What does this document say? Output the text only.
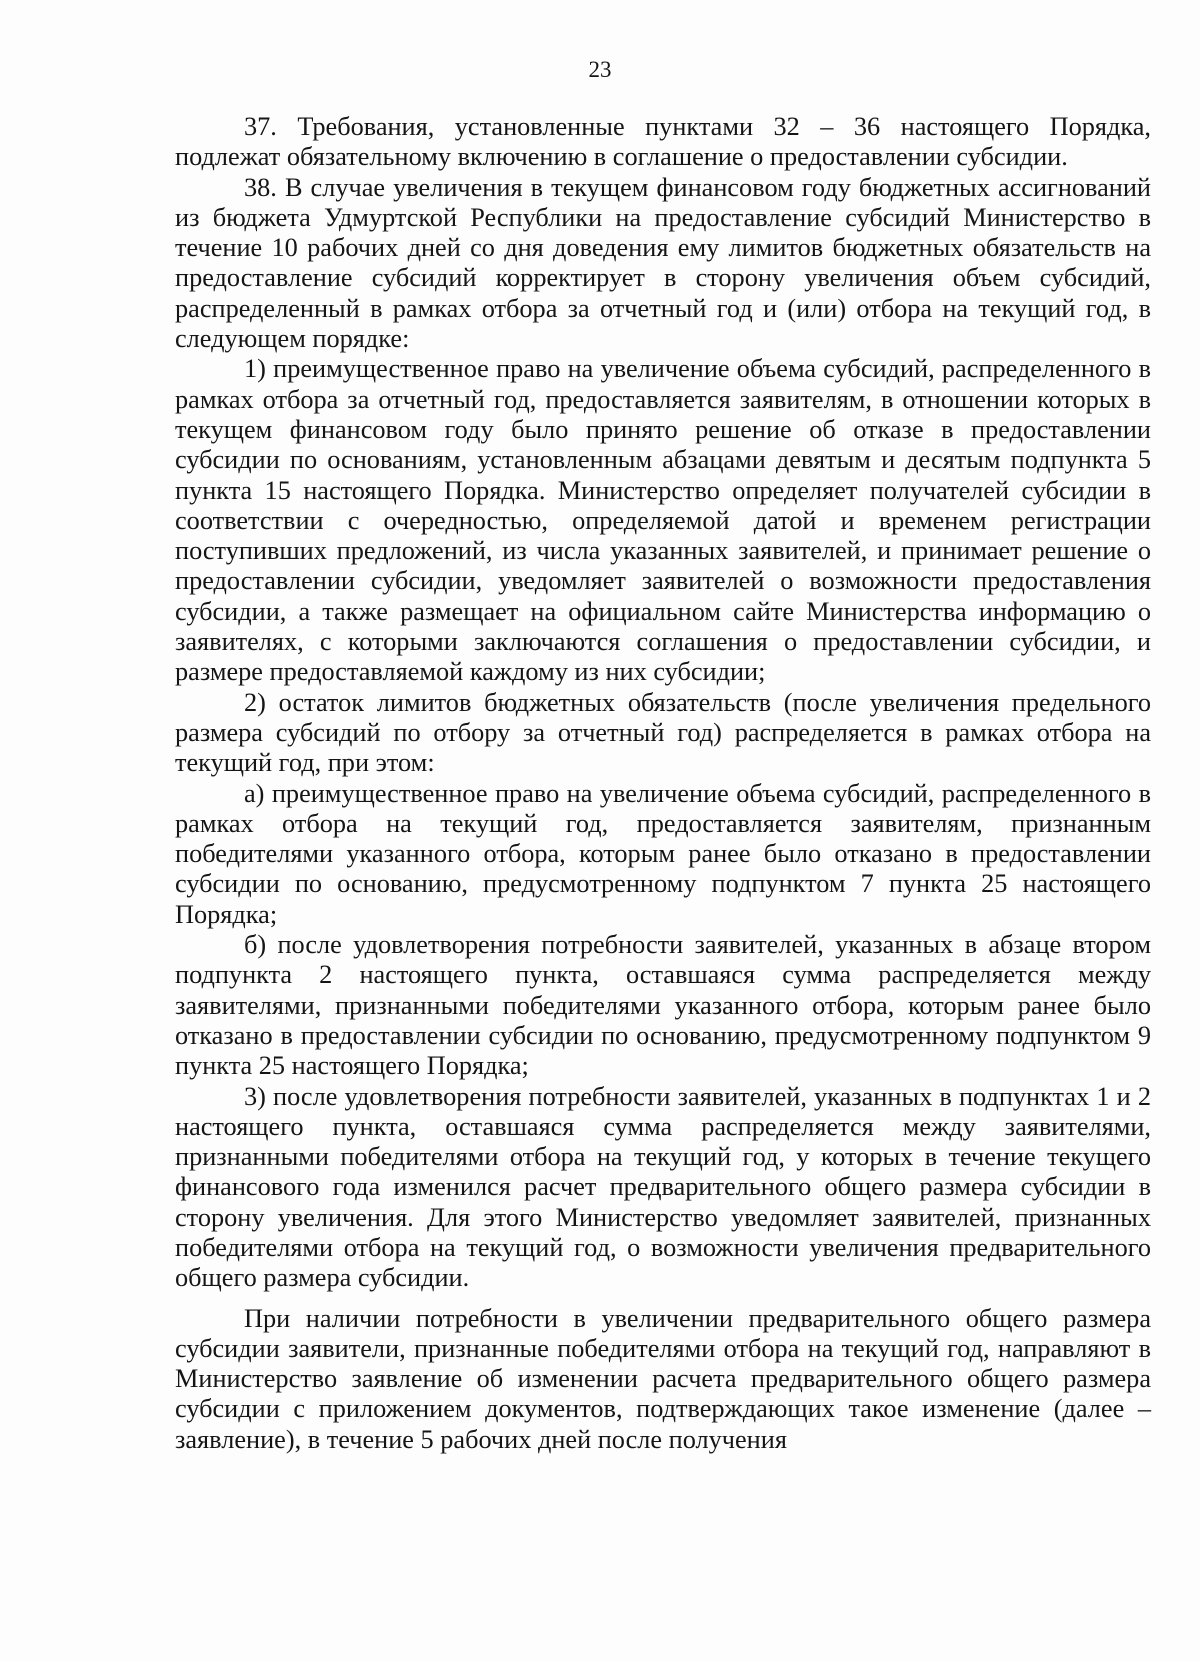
23

37. Требования, установленные пунктами 32 – 36 настоящего Порядка, подлежат обязательному включению в соглашение о предоставлении субсидии.

38. В случае увеличения в текущем финансовом году бюджетных ассигнований из бюджета Удмуртской Республики на предоставление субсидий Министерство в течение 10 рабочих дней со дня доведения ему лимитов бюджетных обязательств на предоставление субсидий корректирует в сторону увеличения объем субсидий, распределенный в рамках отбора за отчетный год и (или) отбора на текущий год, в следующем порядке:

1) преимущественное право на увеличение объема субсидий, распределенного в рамках отбора за отчетный год, предоставляется заявителям, в отношении которых в текущем финансовом году было принято решение об отказе в предоставлении субсидии по основаниям, установленным абзацами девятым и десятым подпункта 5 пункта 15 настоящего Порядка. Министерство определяет получателей субсидии в соответствии с очередностью, определяемой датой и временем регистрации поступивших предложений, из числа указанных заявителей, и принимает решение о предоставлении субсидии, уведомляет заявителей о возможности предоставления субсидии, а также размещает на официальном сайте Министерства информацию о заявителях, с которыми заключаются соглашения о предоставлении субсидии, и размере предоставляемой каждому из них субсидии;

2) остаток лимитов бюджетных обязательств (после увеличения предельного размера субсидий по отбору за отчетный год) распределяется в рамках отбора на текущий год, при этом:

а) преимущественное право на увеличение объема субсидий, распределенного в рамках отбора на текущий год, предоставляется заявителям, признанным победителями указанного отбора, которым ранее было отказано в предоставлении субсидии по основанию, предусмотренному подпунктом 7 пункта 25 настоящего Порядка;

б) после удовлетворения потребности заявителей, указанных в абзаце втором подпункта 2 настоящего пункта, оставшаяся сумма распределяется между заявителями, признанными победителями указанного отбора, которым ранее было отказано в предоставлении субсидии по основанию, предусмотренному подпунктом 9 пункта 25 настоящего Порядка;

3) после удовлетворения потребности заявителей, указанных в подпунктах 1 и 2 настоящего пункта, оставшаяся сумма распределяется между заявителями, признанными победителями отбора на текущий год, у которых в течение текущего финансового года изменился расчет предварительного общего размера субсидии в сторону увеличения. Для этого Министерство уведомляет заявителей, признанных победителями отбора на текущий год, о возможности увеличения предварительного общего размера субсидии.

При наличии потребности в увеличении предварительного общего размера субсидии заявители, признанные победителями отбора на текущий год, направляют в Министерство заявление об изменении расчета предварительного общего размера субсидии с приложением документов, подтверждающих такое изменение (далее – заявление), в течение 5 рабочих дней после получения
